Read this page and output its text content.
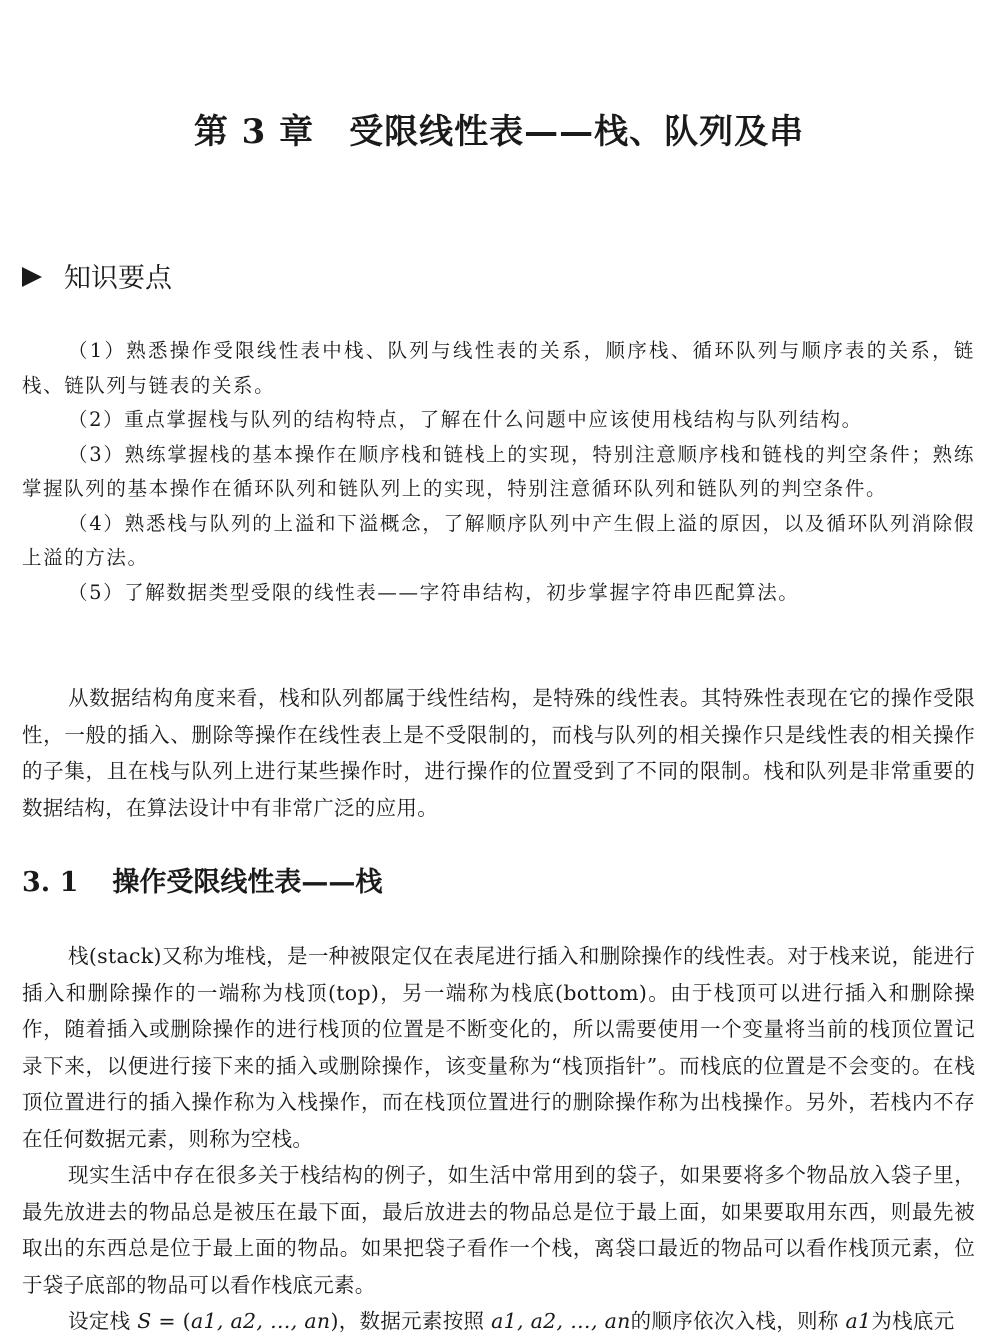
第 3 章　受限线性表——栈、队列及串
知识要点

（1）熟悉操作受限线性表中栈、队列与线性表的关系，顺序栈、循环队列与顺序表的关系，链栈、链队列与链表的关系。

（2）重点掌握栈与队列的结构特点，了解在什么问题中应该使用栈结构与队列结构。

（3）熟练掌握栈的基本操作在顺序栈和链栈上的实现，特别注意顺序栈和链栈的判空条件；熟练掌握队列的基本操作在循环队列和链队列上的实现，特别注意循环队列和链队列的判空条件。

（4）熟悉栈与队列的上溢和下溢概念，了解顺序队列中产生假上溢的原因，以及循环队列消除假上溢的方法。

（5）了解数据类型受限的线性表——字符串结构，初步掌握字符串匹配算法。

从数据结构角度来看，栈和队列都属于线性结构，是特殊的线性表。其特殊性表现在它的操作受限性，一般的插入、删除等操作在线性表上是不受限制的，而栈与队列的相关操作只是线性表的相关操作的子集，且在栈与队列上进行某些操作时，进行操作的位置受到了不同的限制。栈和队列是非常重要的数据结构，在算法设计中有非常广泛的应用。

3. 1 操作受限线性表——栈

栈(stack)又称为堆栈，是一种被限定仅在表尾进行插入和删除操作的线性表。对于栈来说，能进行插入和删除操作的一端称为栈顶(top)，另一端称为栈底(bottom)。由于栈顶可以进行插入和删除操作，随着插入或删除操作的进行栈顶的位置是不断变化的，所以需要使用一个变量将当前的栈顶位置记录下来，以便进行接下来的插入或删除操作，该变量称为“栈顶指针”。而栈底的位置是不会变的。在栈顶位置进行的插入操作称为入栈操作，而在栈顶位置进行的删除操作称为出栈操作。另外，若栈内不存在任何数据元素，则称为空栈。

现实生活中存在很多关于栈结构的例子，如生活中常用到的袋子，如果要将多个物品放入袋子里，最先放进去的物品总是被压在最下面，最后放进去的物品总是位于最上面，如果要取用东西，则最先被取出的东西总是位于最上面的物品。如果把袋子看作一个栈，离袋口最近的物品可以看作栈顶元素，位于袋子底部的物品可以看作栈底元素。

设定栈 S = (a1, a2, …, an)，数据元素按照 a1, a2, …, an的顺序依次入栈，则称 a1为栈底元
